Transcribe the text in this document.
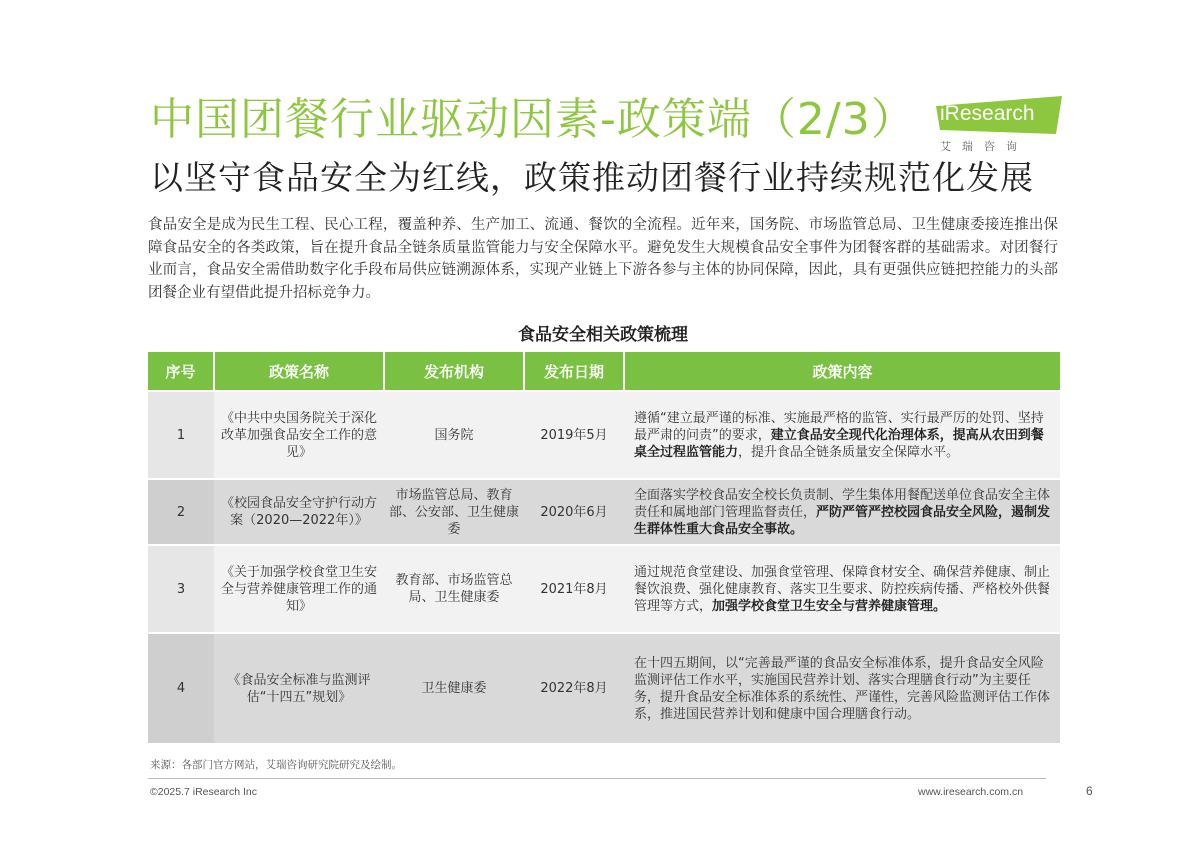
中国团餐行业驱动因素-政策端（2/3）
以坚守食品安全为红线，政策推动团餐行业持续规范化发展
iResearch
艾瑞咨询
食品安全是成为民生工程、民心工程，覆盖种养、生产加工、流通、餐饮的全流程。近年来，国务院、市场监管总局、卫生健康委接连推出保障食品安全的各类政策，旨在提升食品全链条质量监管能力与安全保障水平。避免发生大规模食品安全事件为团餐客群的基础需求。对团餐行业而言，食品安全需借助数字化手段布局供应链溯源体系，实现产业链上下游各参与主体的协同保障，因此，具有更强供应链把控能力的头部团餐企业有望借此提升招标竞争力。
食品安全相关政策梳理
序号	政策名称	发布机构	发布日期	政策内容
1	《中共中央国务院关于深化改革加强食品安全工作的意见》	国务院	2019年5月	遵循“建立最严谨的标准、实施最严格的监管、实行最严厉的处罚、坚持最严肃的问责”的要求，建立食品安全现代化治理体系，提高从农田到餐桌全过程监管能力，提升食品全链条质量安全保障水平。
2	《校园食品安全守护行动方案（2020—2022年）》	市场监管总局、教育部、公安部、卫生健康委	2020年6月	全面落实学校食品安全校长负责制、学生集体用餐配送单位食品安全主体责任和属地部门管理监督责任，严防严管严控校园食品安全风险，遏制发生群体性重大食品安全事故。
3	《关于加强学校食堂卫生安全与营养健康管理工作的通知》	教育部、市场监管总局、卫生健康委	2021年8月	通过规范食堂建设、加强食堂管理、保障食材安全、确保营养健康、制止餐饮浪费、强化健康教育、落实卫生要求、防控疾病传播、严格校外供餐管理等方式，加强学校食堂卫生安全与营养健康管理。
4	《食品安全标准与监测评估“十四五”规划》	卫生健康委	2022年8月	在十四五期间，以“完善最严谨的食品安全标准体系，提升食品安全风险监测评估工作水平，实施国民营养计划、落实合理膳食行动”为主要任务，提升食品安全标准体系的系统性、严谨性，完善风险监测评估工作体系，推进国民营养计划和健康中国合理膳食行动。
来源：各部门官方网站，艾瑞咨询研究院研究及绘制。
©2025.7 iResearch Inc	www.iresearch.com.cn	6
